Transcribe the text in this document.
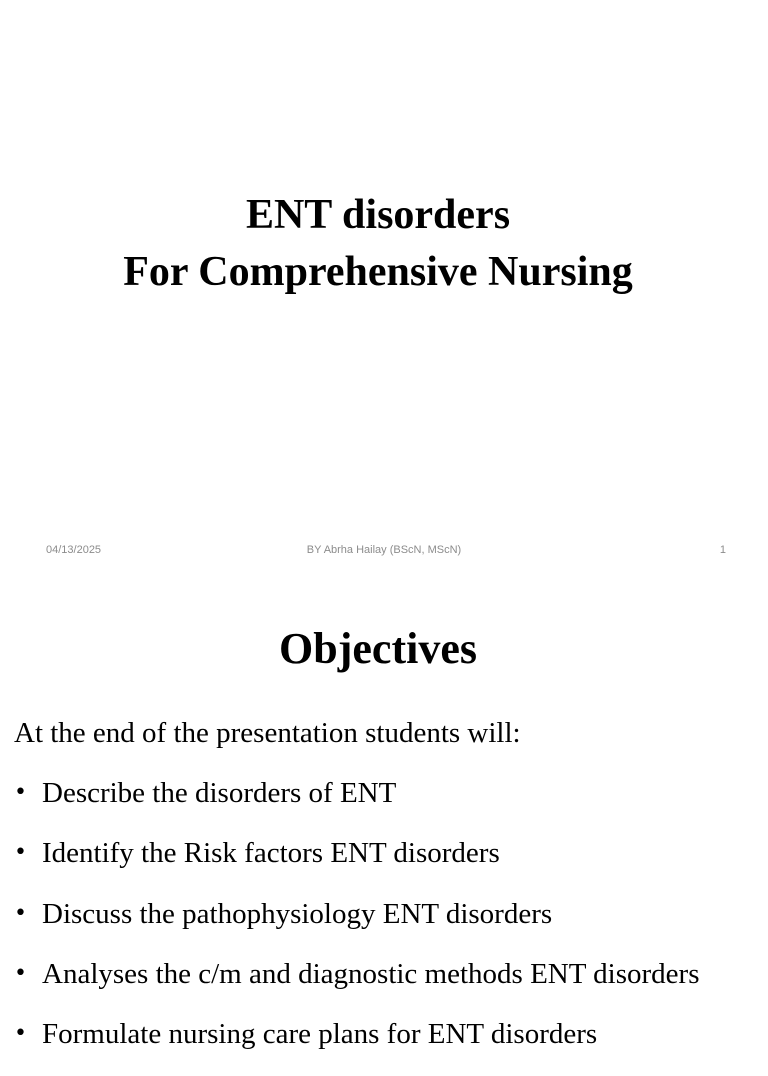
ENT disorders
For Comprehensive Nursing
04/13/2025	BY Abrha Hailay (BScN, MScN)	1
Objectives

At the end of the presentation students will:

• Describe the disorders of ENT
• Identify the Risk factors ENT disorders
• Discuss the pathophysiology ENT disorders
• Analyses the c/m and diagnostic methods ENT disorders
• Formulate nursing care plans for ENT disorders
